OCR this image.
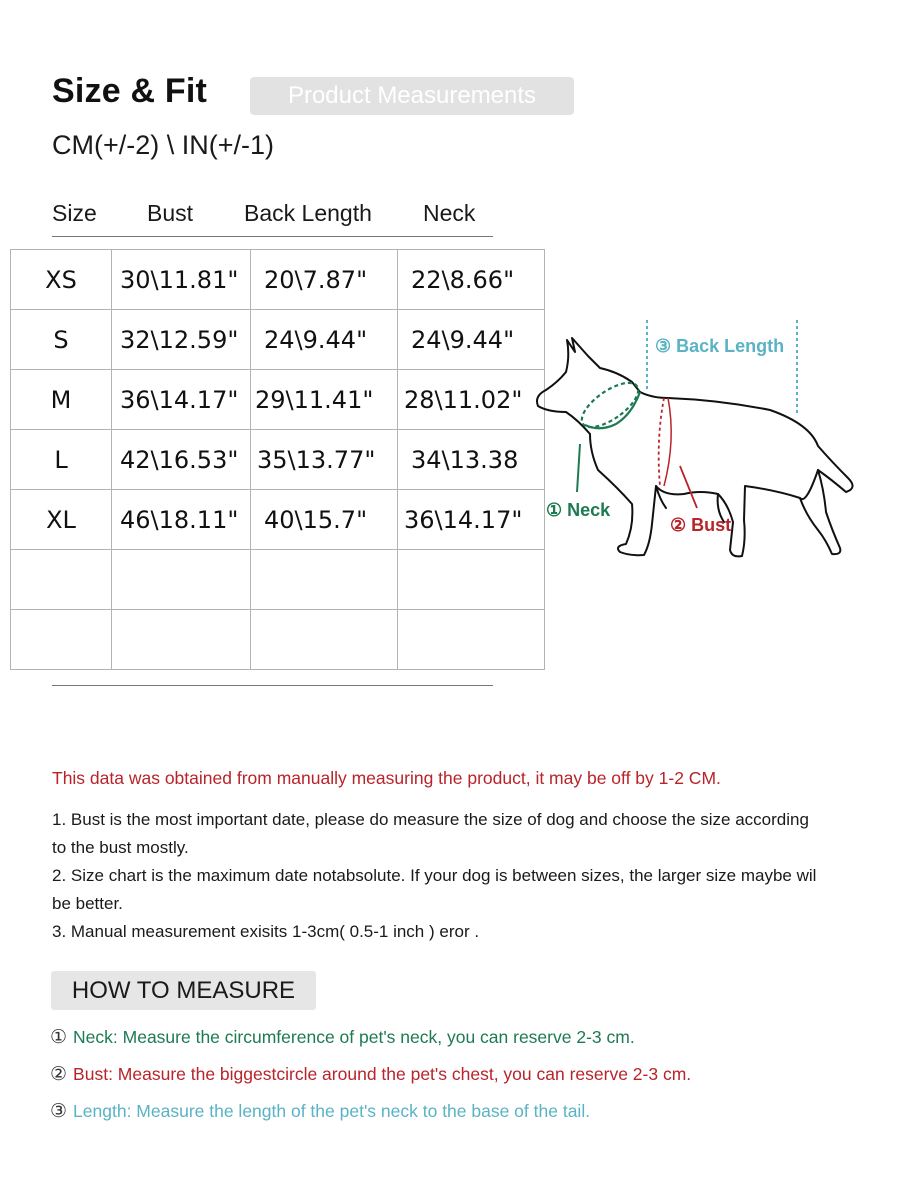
Size & Fit	Product Measurements
CM(+/-2) \ IN(+/-1)
Size Bust Back Length Neck
XS	30\11.81"	20\7.87"	22\8.66"
S	32\12.59"	24\9.44"	24\9.44"
M	36\14.17"	29\11.41"	28\11.02"
L	42\16.53"	35\13.77"	34\13.38
XL	46\18.11"	40\15.7"	36\14.17"

③ Back Length
① Neck
② Bust
This data was obtained from manually measuring the product, it may be off by 1-2 CM.

1. Bust is the most important date, please do measure the size of dog and choose the size according to the bust mostly.

2. Size chart is the maximum date notabsolute. If your dog is between sizes, the larger size maybe wil be better.

3. Manual measurement exisits 1-3cm( 0.5-1 inch ) eror .

HOW TO MEASURE
① Neck: Measure the circumference of pet's neck, you can reserve 2-3 cm.
② Bust: Measure the biggestcircle around the pet's chest, you can reserve 2-3 cm.
③ Length: Measure the length of the pet's neck to the base of the tail.
